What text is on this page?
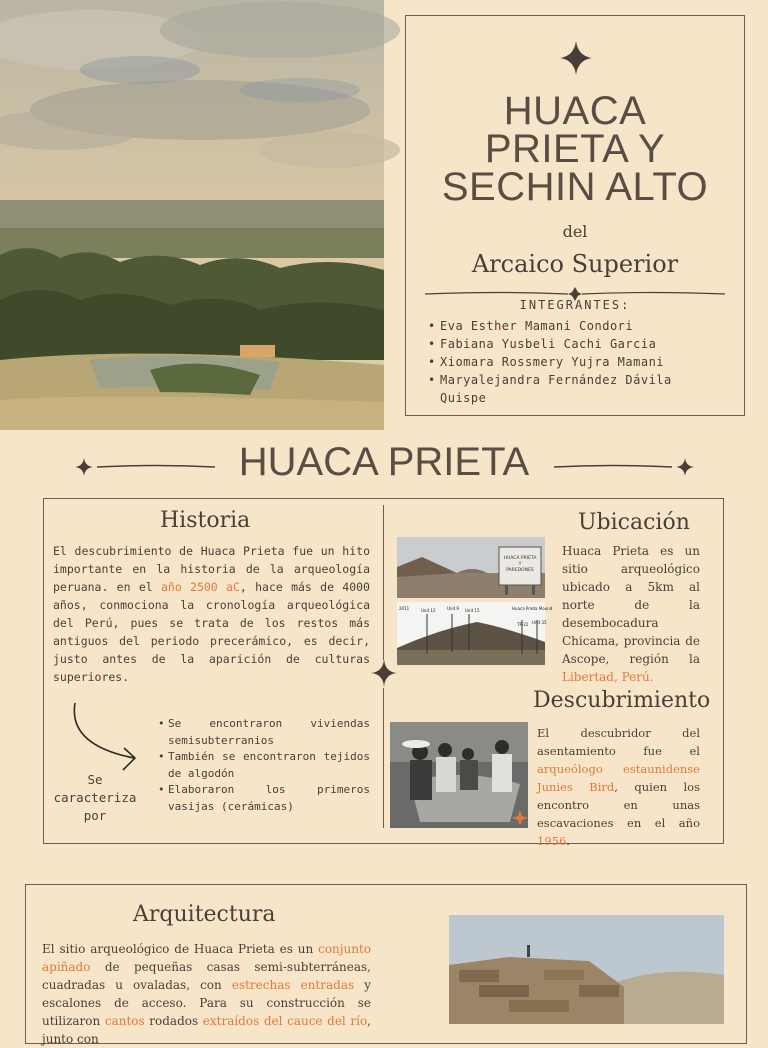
HUACA
PRIETA Y
SECHIN ALTO
del
Arcaico Superior
INTEGRANTES:
• Eva Esther Mamani Condori
• Fabiana Yusbeli Cachi Garcia
• Xiomara Rossmery Yujra Mamani
• Maryalejandra Fernández Dávila
Quispe
HUACA PRIETA
Historia
El descubrimiento de Huaca Prieta fue un hito importante en la historia de la arqueología peruana. en el año 2500 aC, hace más de 4000 años, conmociona la cronología arqueológica del Perú, pues se trata de los restos más antiguos del periodo precerámico, es decir, justo antes de la aparición de culturas superiores.
Se
caracteriza
por
• Se encontraron viviendas semisubterranios
• También se encontraron tejidos de algodón
• Elaboraron los primeros vasijas (cerámicas)
HUACA PRIETA
Y
PAREDONES
Unit 12	Unit 9 Unit 15	Huaca Prieta Mound
TP-22 Unit 35
2011
Ubicación
Huaca Prieta es un sitio arqueológico ubicado a 5km al norte de la desembocadura Chicama, provincia de Ascope, región la Libertad, Perú.
Descubrimiento
El descubridor del asentamiento fue el arqueólogo estaunidense Junies Bird, quien los encontro en unas escavaciones en el año 1956.
Arquitectura
El sitio arqueológico de Huaca Prieta es un conjunto apiñado de pequeñas casas semi-subterráneas, cuadradas u ovaladas, con estrechas entradas y escalones de acceso. Para su construcción se utilizaron cantos rodados extraídos del cauce del río, junto con
